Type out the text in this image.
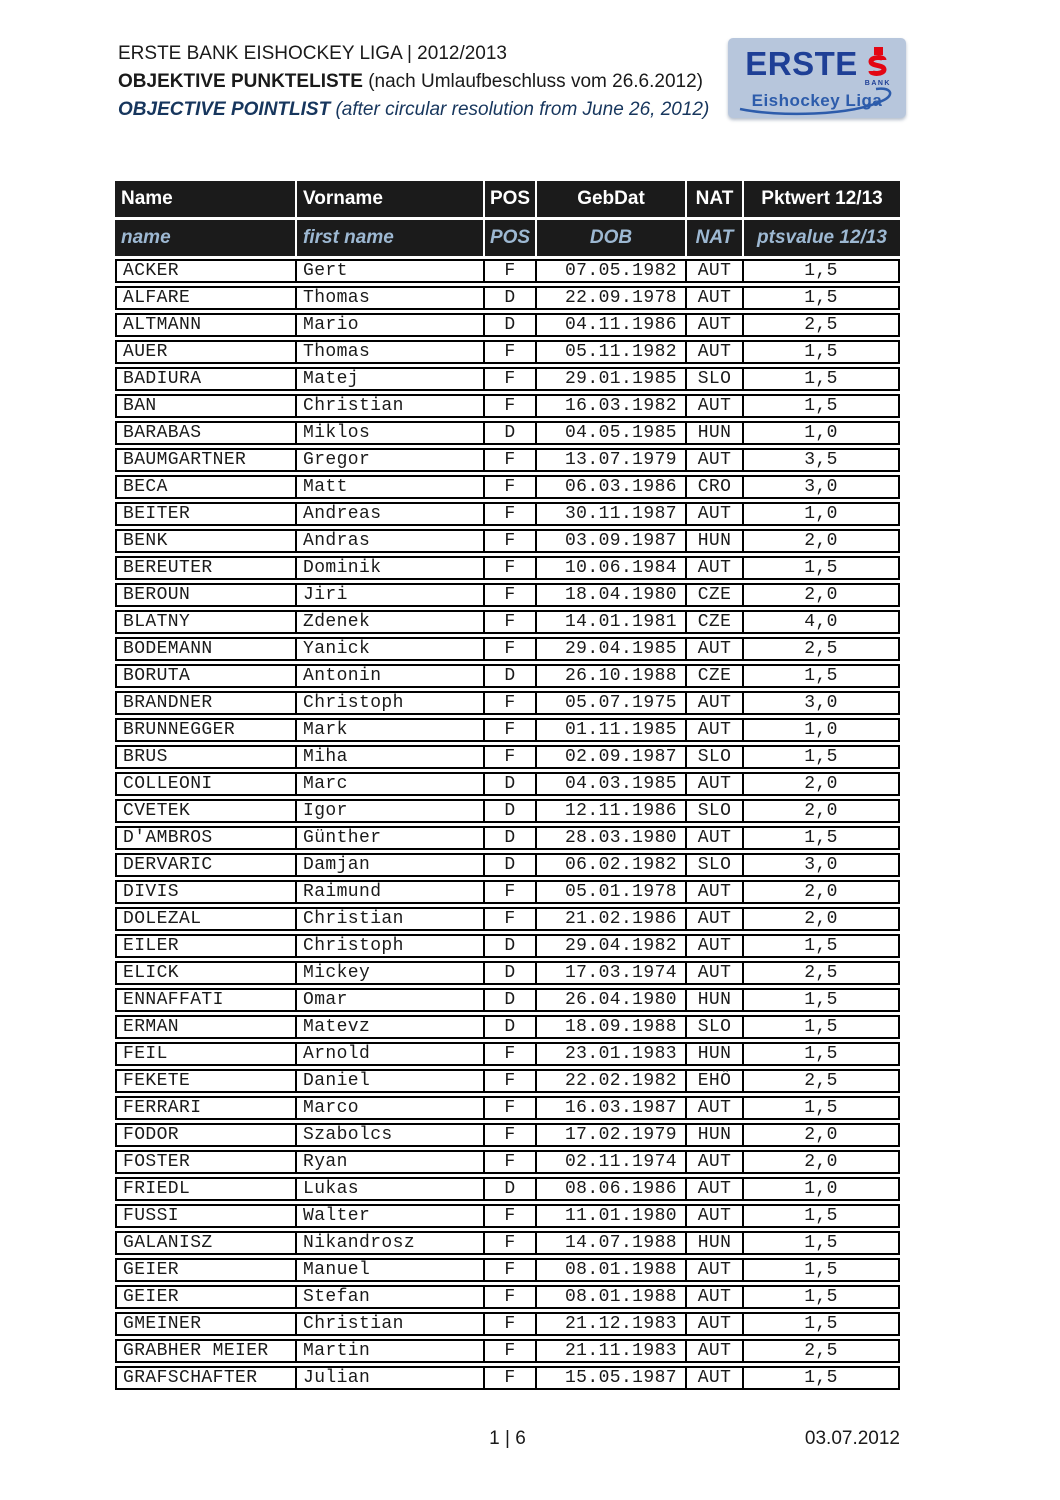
ERSTE BANK EISHOCKEY LIGA | 2012/2013
OBJEKTIVE PUNKTELISTE (nach Umlaufbeschluss vom 26.6.2012)
OBJECTIVE POINTLIST (after circular resolution from June 26, 2012)
ERSTE
BANK
Eishockey Liga
Name	Vorname	POS	GebDat	NAT	Pktwert 12/13
name	first name	POS	DOB	NAT	ptsvalue 12/13
ACKER	Gert	F	07.05.1982	AUT	1,5
ALFARE	Thomas	D	22.09.1978	AUT	1,5
ALTMANN	Mario	D	04.11.1986	AUT	2,5
AUER	Thomas	F	05.11.1982	AUT	1,5
BADIURA	Matej	F	29.01.1985	SLO	1,5
BAN	Christian	F	16.03.1982	AUT	1,5
BARABAS	Miklos	D	04.05.1985	HUN	1,0
BAUMGARTNER	Gregor	F	13.07.1979	AUT	3,5
BECA	Matt	F	06.03.1986	CRO	3,0
BEITER	Andreas	F	30.11.1987	AUT	1,0
BENK	Andras	F	03.09.1987	HUN	2,0
BEREUTER	Dominik	F	10.06.1984	AUT	1,5
BEROUN	Jiri	F	18.04.1980	CZE	2,0
BLATNY	Zdenek	F	14.01.1981	CZE	4,0
BODEMANN	Yanick	F	29.04.1985	AUT	2,5
BORUTA	Antonin	D	26.10.1988	CZE	1,5
BRANDNER	Christoph	F	05.07.1975	AUT	3,0
BRUNNEGGER	Mark	F	01.11.1985	AUT	1,0
BRUS	Miha	F	02.09.1987	SLO	1,5
COLLEONI	Marc	D	04.03.1985	AUT	2,0
CVETEK	Igor	D	12.11.1986	SLO	2,0
D'AMBROS	Günther	D	28.03.1980	AUT	1,5
DERVARIC	Damjan	D	06.02.1982	SLO	3,0
DIVIS	Raimund	F	05.01.1978	AUT	2,0
DOLEZAL	Christian	F	21.02.1986	AUT	2,0
EILER	Christoph	D	29.04.1982	AUT	1,5
ELICK	Mickey	D	17.03.1974	AUT	2,5
ENNAFFATI	Omar	D	26.04.1980	HUN	1,5
ERMAN	Matevz	D	18.09.1988	SLO	1,5
FEIL	Arnold	F	23.01.1983	HUN	1,5
FEKETE	Daniel	F	22.02.1982	EHÖ	2,5
FERRARI	Marco	F	16.03.1987	AUT	1,5
FODOR	Szabolcs	F	17.02.1979	HUN	2,0
FOSTER	Ryan	F	02.11.1974	AUT	2,0
FRIEDL	Lukas	D	08.06.1986	AUT	1,0
FUSSI	Walter	F	11.01.1980	AUT	1,5
GALANISZ	Nikandrosz	F	14.07.1988	HUN	1,5
GEIER	Manuel	F	08.01.1988	AUT	1,5
GEIER	Stefan	F	08.01.1988	AUT	1,5
GMEINER	Christian	F	21.12.1983	AUT	1,5
GRABHER MEIER	Martin	F	21.11.1983	AUT	2,5
GRAFSCHAFTER	Julian	F	15.05.1987	AUT	1,5
1 | 6	03.07.2012
